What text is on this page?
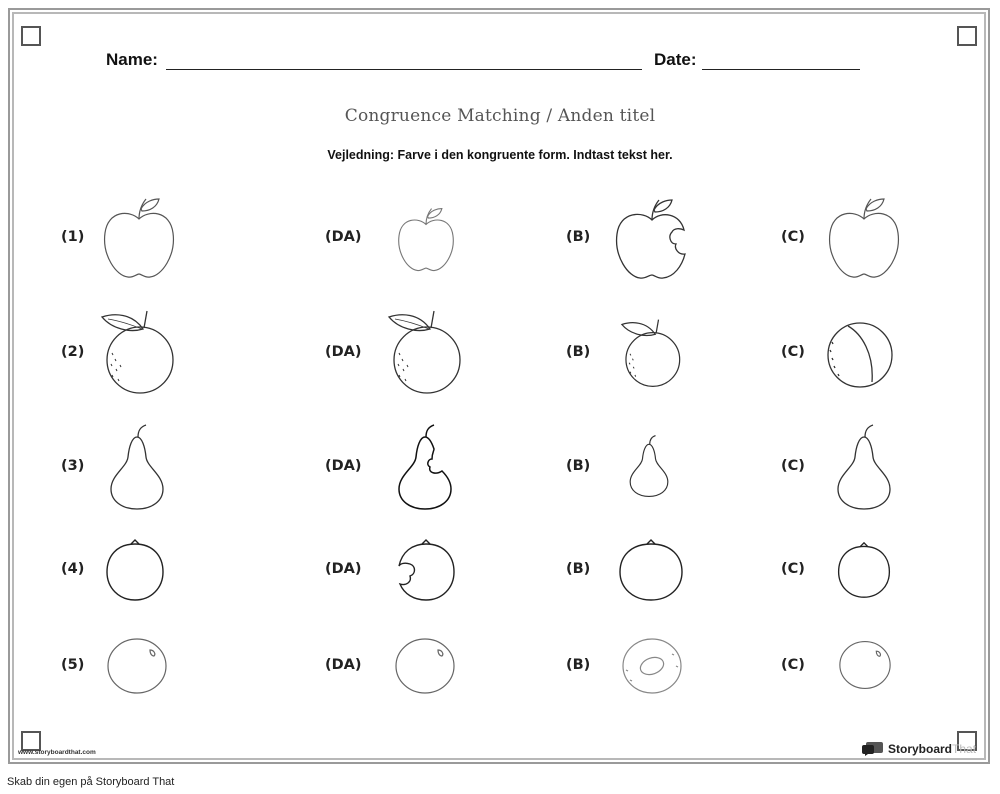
Name:	Date:
Congruence Matching / Anden titel
Vejledning: Farve i den kongruente form. Indtast tekst her.
(1)	(DA)	(B)	(C)
(2)	(DA)	(B)	(C)
(3)	(DA)	(B)	(C)
(4)	(DA)	(B)	(C)
(5)	(DA)	(B)	(C)
www.storyboardthat.com	StoryboardThat
Skab din egen på Storyboard That
